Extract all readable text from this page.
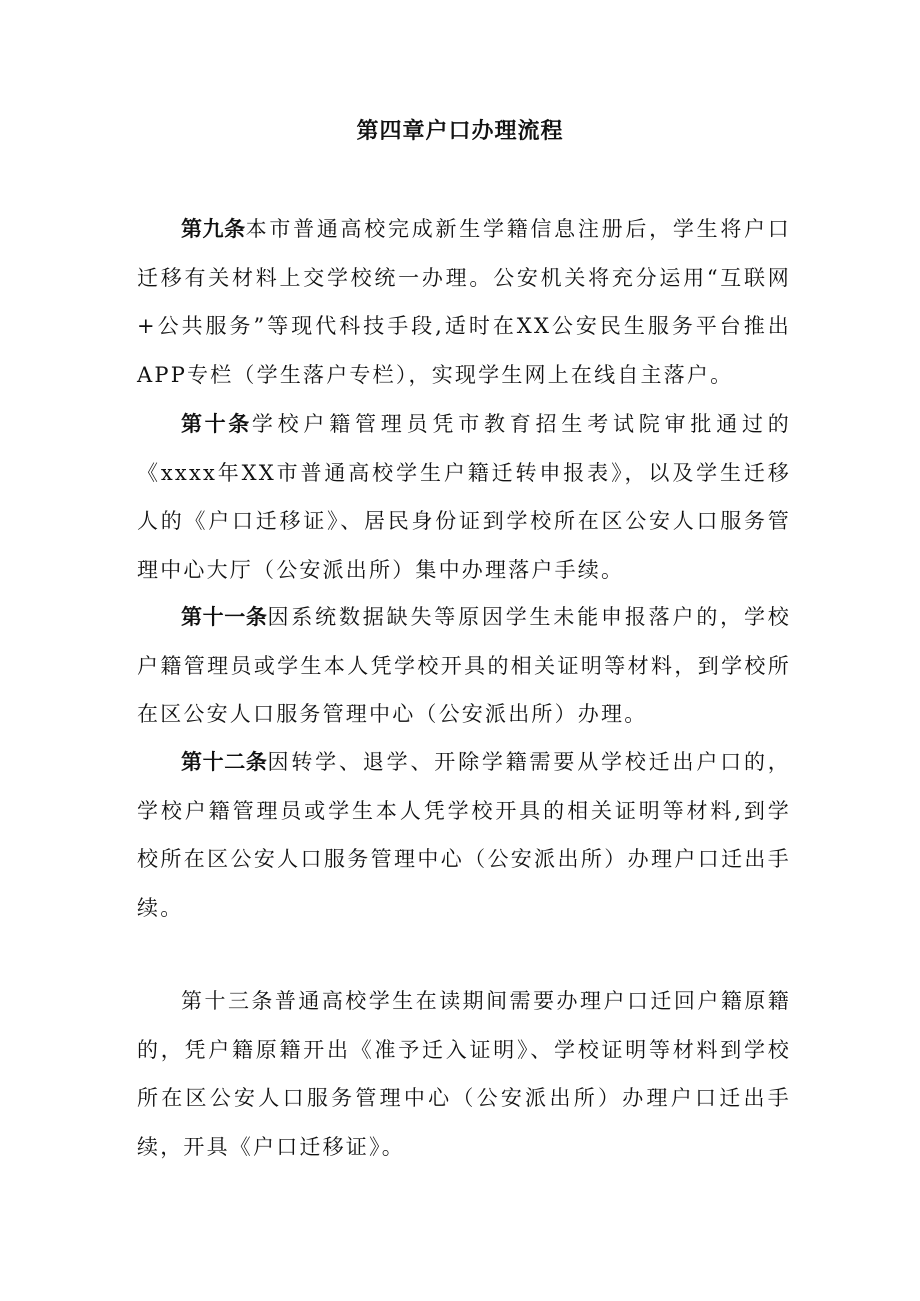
第四章户口办理流程

第九条本市普通高校完成新生学籍信息注册后，学生将户口迁移有关材料上交学校统一办理。公安机关将充分运用“互联网+公共服务”等现代科技手段,适时在XX公安民生服务平台推出APP专栏（学生落户专栏），实现学生网上在线自主落户。

第十条学校户籍管理员凭市教育招生考试院审批通过的《xxxx年XX市普通高校学生户籍迁转申报表》，以及学生迁移人的《户口迁移证》、居民身份证到学校所在区公安人口服务管理中心大厅（公安派出所）集中办理落户手续。

第十一条因系统数据缺失等原因学生未能申报落户的，学校户籍管理员或学生本人凭学校开具的相关证明等材料，到学校所在区公安人口服务管理中心（公安派出所）办理。

第十二条因转学、退学、开除学籍需要从学校迁出户口的，学校户籍管理员或学生本人凭学校开具的相关证明等材料,到学校所在区公安人口服务管理中心（公安派出所）办理户口迁出手续。

第十三条普通高校学生在读期间需要办理户口迁回户籍原籍的，凭户籍原籍开出《准予迁入证明》、学校证明等材料到学校所在区公安人口服务管理中心（公安派出所）办理户口迁出手续，开具《户口迁移证》。
